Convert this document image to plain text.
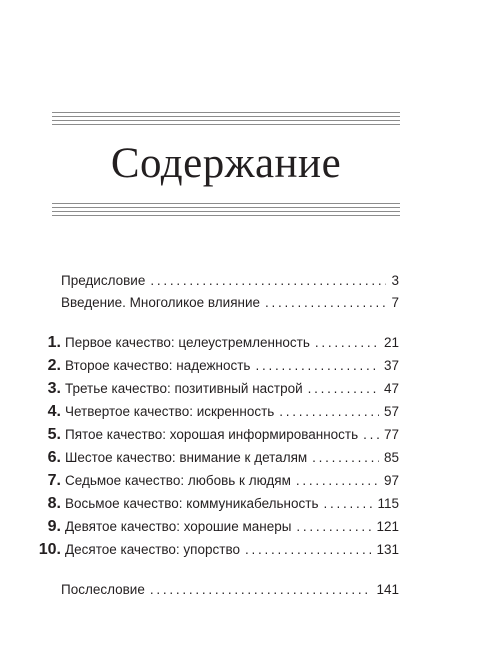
Содержание
Предисловие . . .	3
Введение. Многоликое влияние . . .	7
1. Первое качество: целеустремленность . . .	21
2. Второе качество: надежность . . .	37
3. Третье качество: позитивный настрой . . .	47
4. Четвертое качество: искренность . . .	57
5. Пятое качество: хорошая информированность . . . 77
6. Шестое качество: внимание к деталям . . .	85
7. Седьмое качество: любовь к людям . . .	97
8. Восьмое качество: коммуникабельность . . .	115
9. Девятое качество: хорошие манеры . . .	121
10. Десятое качество: упорство . . .	131
Послесловие . . .	141
